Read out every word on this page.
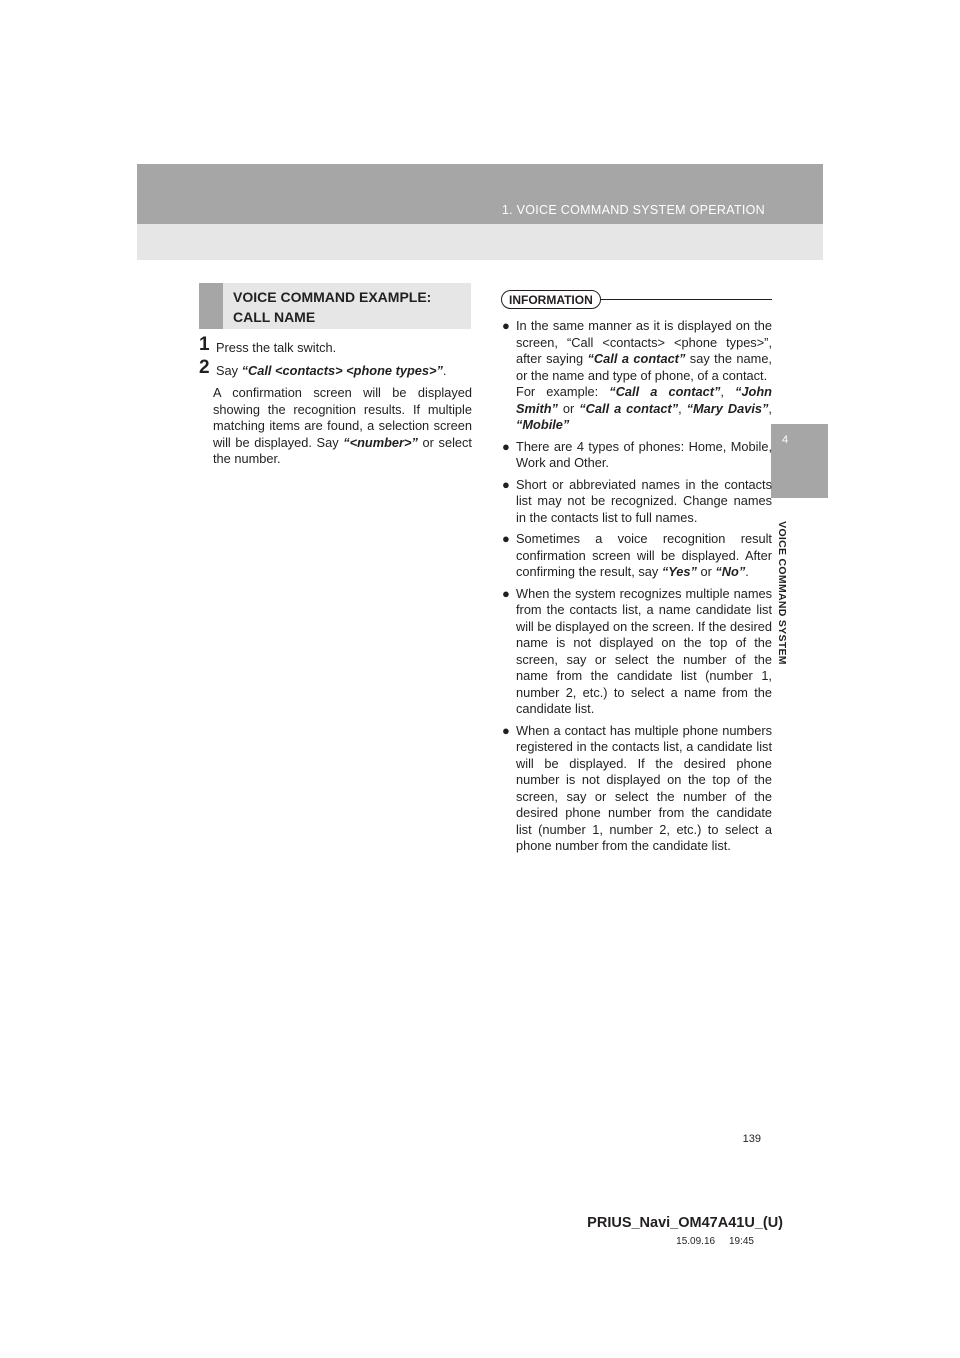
1. VOICE COMMAND SYSTEM OPERATION
4
VOICE COMMAND SYSTEM
VOICE COMMAND EXAMPLE: CALL NAME
1 Press the talk switch.
2 Say “Call <contacts> <phone types>”.
A confirmation screen will be displayed showing the recognition results. If multiple matching items are found, a selection screen will be displayed. Say “<number>” or select the number.
INFORMATION
● In the same manner as it is displayed on the screen, “Call <contacts> <phone types>”, after saying “Call a contact” say the name, or the name and type of phone, of a contact.
For example: “Call a contact”, “John Smith” or “Call a contact”, “Mary Davis”, “Mobile”
● There are 4 types of phones: Home, Mobile, Work and Other.
● Short or abbreviated names in the contacts list may not be recognized. Change names in the contacts list to full names.
● Sometimes a voice recognition result confirmation screen will be displayed. After confirming the result, say “Yes” or “No”.
● When the system recognizes multiple names from the contacts list, a name candidate list will be displayed on the screen. If the desired name is not displayed on the top of the screen, say or select the number of the name from the candidate list (number 1, number 2, etc.) to select a name from the candidate list.
● When a contact has multiple phone numbers registered in the contacts list, a candidate list will be displayed. If the desired phone number is not displayed on the top of the screen, say or select the number of the desired phone number from the candidate list (number 1, number 2, etc.) to select a phone number from the candidate list.
139
PRIUS_Navi_OM47A41U_(U)
15.09.16     19:45
